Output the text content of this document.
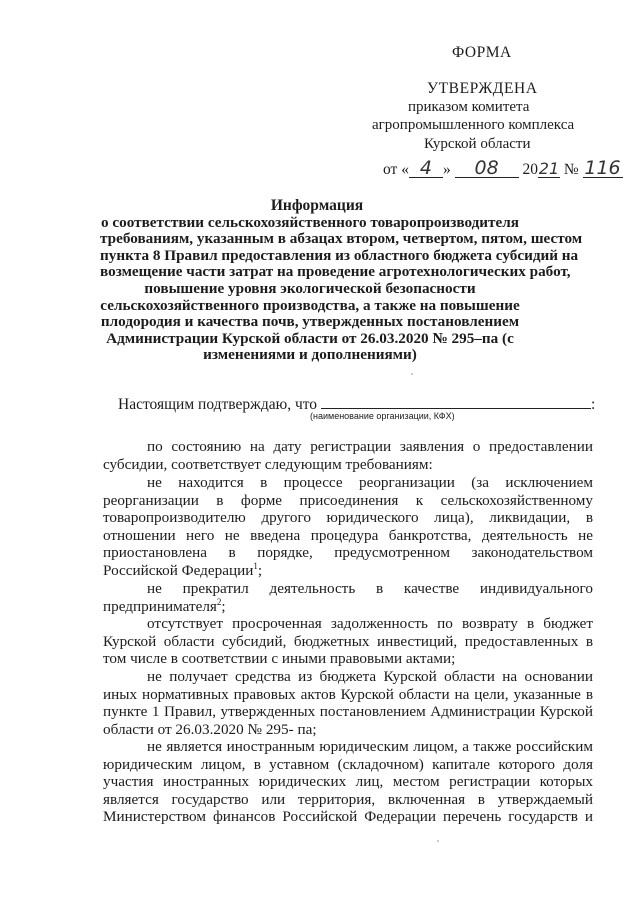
ФОРМА
УТВЕРЖДЕНА
приказом комитета
агропромышленного комплекса
Курской области
от « 4 » 08 2021 № 116
Информация
о соответствии сельскохозяйственного товаропроизводителя
требованиям, указанным в абзацах втором, четвертом, пятом, шестом
пункта 8 Правил предоставления из областного бюджета субсидий на
возмещение части затрат на проведение агротехнологических работ,
повышение уровня экологической безопасности
сельскохозяйственного производства, а также на повышение
плодородия и качества почв, утвержденных постановлением
Администрации Курской области от 26.03.2020 № 295–па (с
изменениями и дополнениями)
Настоящим подтверждаю, что	:
(наименование организации, КФХ)
по состоянию на дату регистрации заявления о предоставлении
субсидии, соответствует следующим требованиям:
не находится в процессе реорганизации (за исключением
реорганизации в форме присоединения к сельскохозяйственному
товаропроизводителю другого юридического лица), ликвидации, в
отношении него не введена процедура банкротства, деятельность не
приостановлена в порядке, предусмотренном законодательством
Российской Федерации$^1$;
не прекратил деятельность в качестве индивидуального
предпринимателя$^2$;
отсутствует просроченная задолженность по возврату в бюджет
Курской области субсидий, бюджетных инвестиций, предоставленных в
том числе в соответствии с иными правовыми актами;
не получает средства из бюджета Курской области на основании
иных нормативных правовых актов Курской области на цели, указанные в
пункте 1 Правил, утвержденных постановлением Администрации Курской
области от 26.03.2020 № 295- па;
не является иностранным юридическим лицом, а также российским
юридическим лицом, в уставном (складочном) капитале которого доля
участия иностранных юридических лиц, местом регистрации которых
является государство или территория, включенная в утверждаемый
Министерством финансов Российской Федерации перечень государств и
